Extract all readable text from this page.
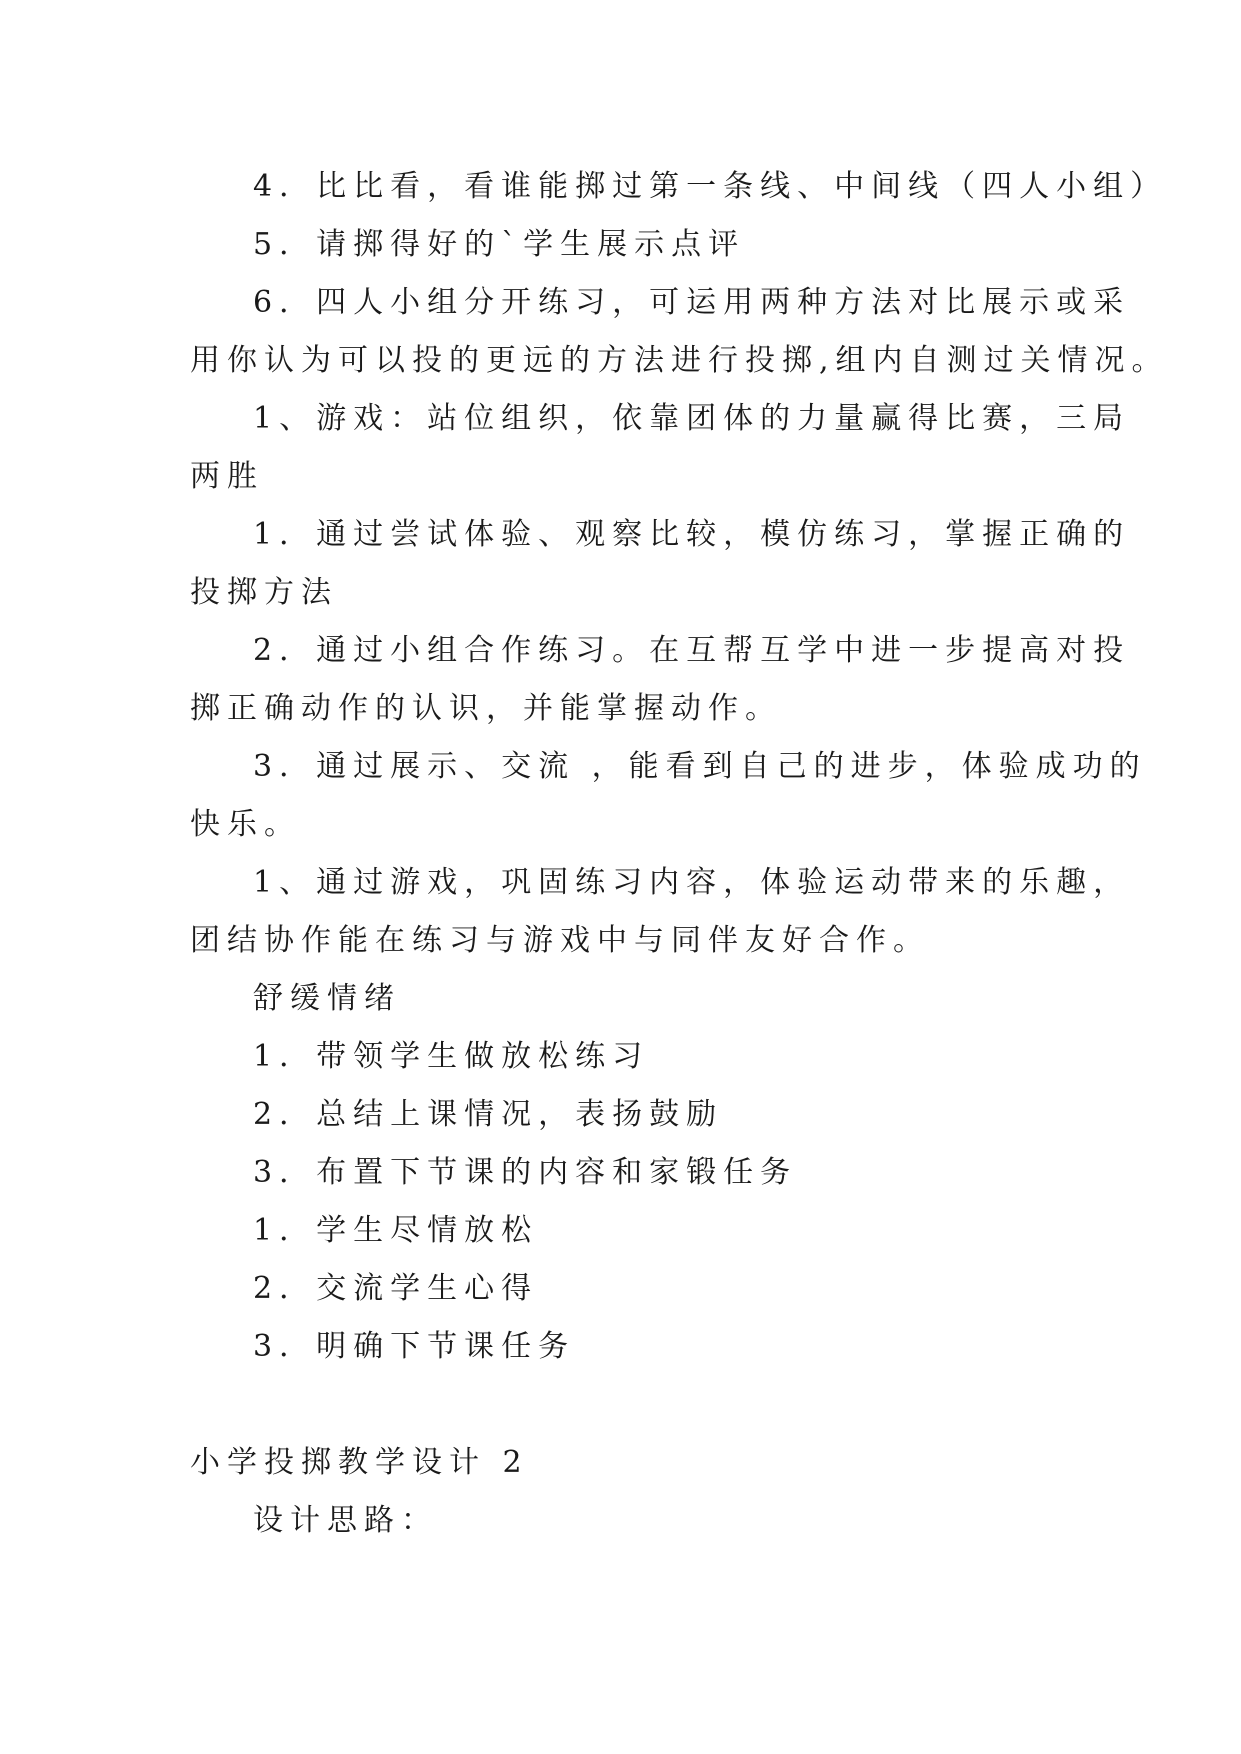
4．比比看，看谁能掷过第一条线、中间线（四人小组）

5．请掷得好的`学生展示点评

6．四人小组分开练习，可运用两种方法对比展示或采

用你认为可以投的更远的方法进行投掷,组内自测过关情况。

1、游戏：站位组织，依靠团体的力量赢得比赛，三局

两胜

1．通过尝试体验、观察比较，模仿练习，掌握正确的

投掷方法

2．通过小组合作练习。在互帮互学中进一步提高对投

掷正确动作的认识，并能掌握动作。

3．通过展示、交流 ，能看到自己的进步，体验成功的

快乐。

1、通过游戏，巩固练习内容，体验运动带来的乐趣，

团结协作能在练习与游戏中与同伴友好合作。

舒缓情绪

1．带领学生做放松练习

2．总结上课情况，表扬鼓励

3．布置下节课的内容和家锻任务

1．学生尽情放松

2．交流学生心得

3．明确下节课任务

小学投掷教学设计 2

设计思路：
